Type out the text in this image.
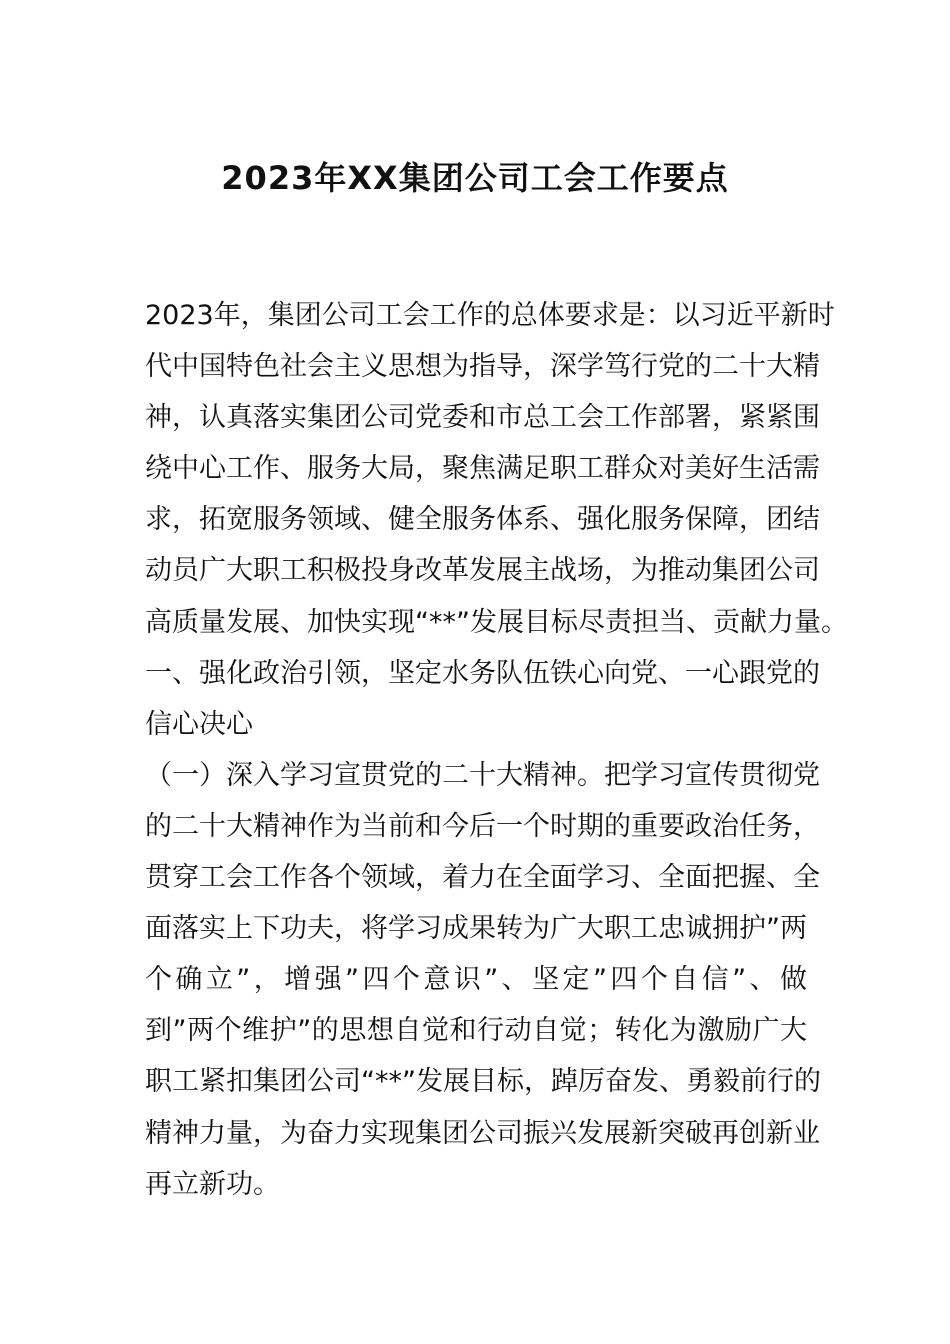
2023年XX集团公司工会工作要点
2023年，集团公司工会工作的总体要求是：以习近平新时
代中国特色社会主义思想为指导，深学笃行党的二十大精
神，认真落实集团公司党委和市总工会工作部署，紧紧围
绕中心工作、服务大局，聚焦满足职工群众对美好生活需
求，拓宽服务领域、健全服务体系、强化服务保障，团结
动员广大职工积极投身改革发展主战场，为推动集团公司
高质量发展、加快实现“**”发展目标尽责担当、贡献力量。
一、强化政治引领，坚定水务队伍铁心向党、一心跟党的
信心决心
（一）深入学习宣贯党的二十大精神。把学习宣传贯彻党
的二十大精神作为当前和今后一个时期的重要政治任务，
贯穿工会工作各个领域，着力在全面学习、全面把握、全
面落实上下功夫，将学习成果转为广大职工忠诚拥护”两
个确立”，增强”四个意识”、坚定”四个自信”、做
到”两个维护”的思想自觉和行动自觉；转化为激励广大
职工紧扣集团公司“**”发展目标，踔厉奋发、勇毅前行的
精神力量，为奋力实现集团公司振兴发展新突破再创新业
再立新功。
